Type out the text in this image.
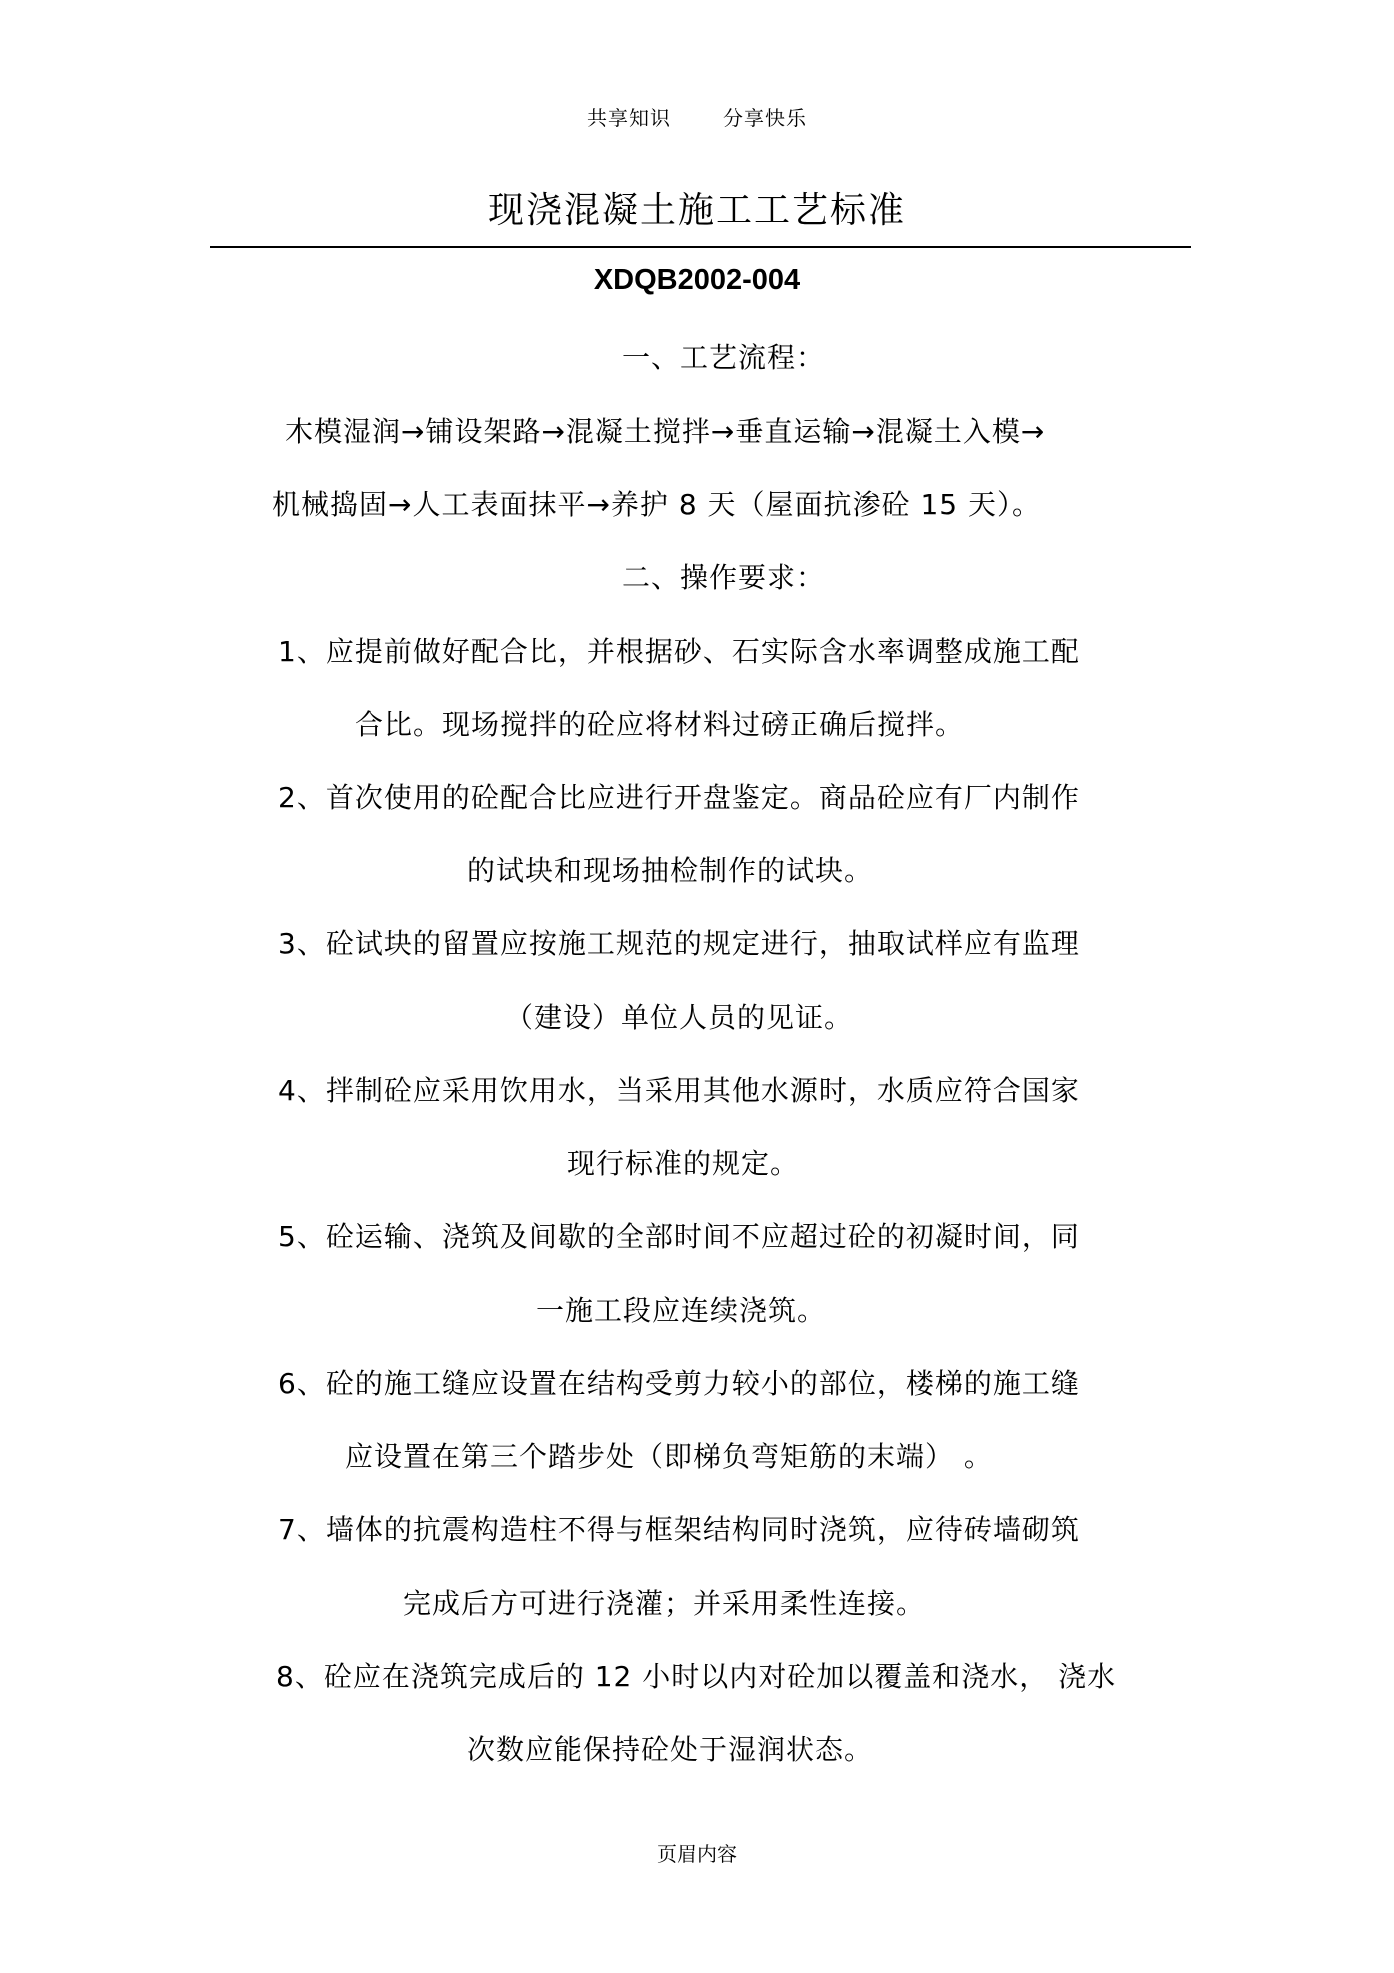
共享知识	分享快乐
现浇混凝土施工工艺标准
XDQB2002-004
一、工艺流程：
木模湿润→铺设架路→混凝土搅拌→垂直运输→混凝土入模→
机械捣固→人工表面抹平→养护 8 天（屋面抗渗砼 15 天）。
二、操作要求：
1、应提前做好配合比，并根据砂、石实际含水率调整成施工配
合比。现场搅拌的砼应将材料过磅正确后搅拌。
2、首次使用的砼配合比应进行开盘鉴定。商品砼应有厂内制作
的试块和现场抽检制作的试块。
3、砼试块的留置应按施工规范的规定进行，抽取试样应有监理
（建设）单位人员的见证。
4、拌制砼应采用饮用水，当采用其他水源时，水质应符合国家
现行标准的规定。
5、砼运输、浇筑及间歇的全部时间不应超过砼的初凝时间，同
一施工段应连续浇筑。
6、砼的施工缝应设置在结构受剪力较小的部位，楼梯的施工缝
应设置在第三个踏步处（即梯负弯矩筋的末端） 。
7、墙体的抗震构造柱不得与框架结构同时浇筑，应待砖墙砌筑
完成后方可进行浇灌；并采用柔性连接。
8、砼应在浇筑完成后的 12 小时以内对砼加以覆盖和浇水， 浇水
次数应能保持砼处于湿润状态。
页眉内容
